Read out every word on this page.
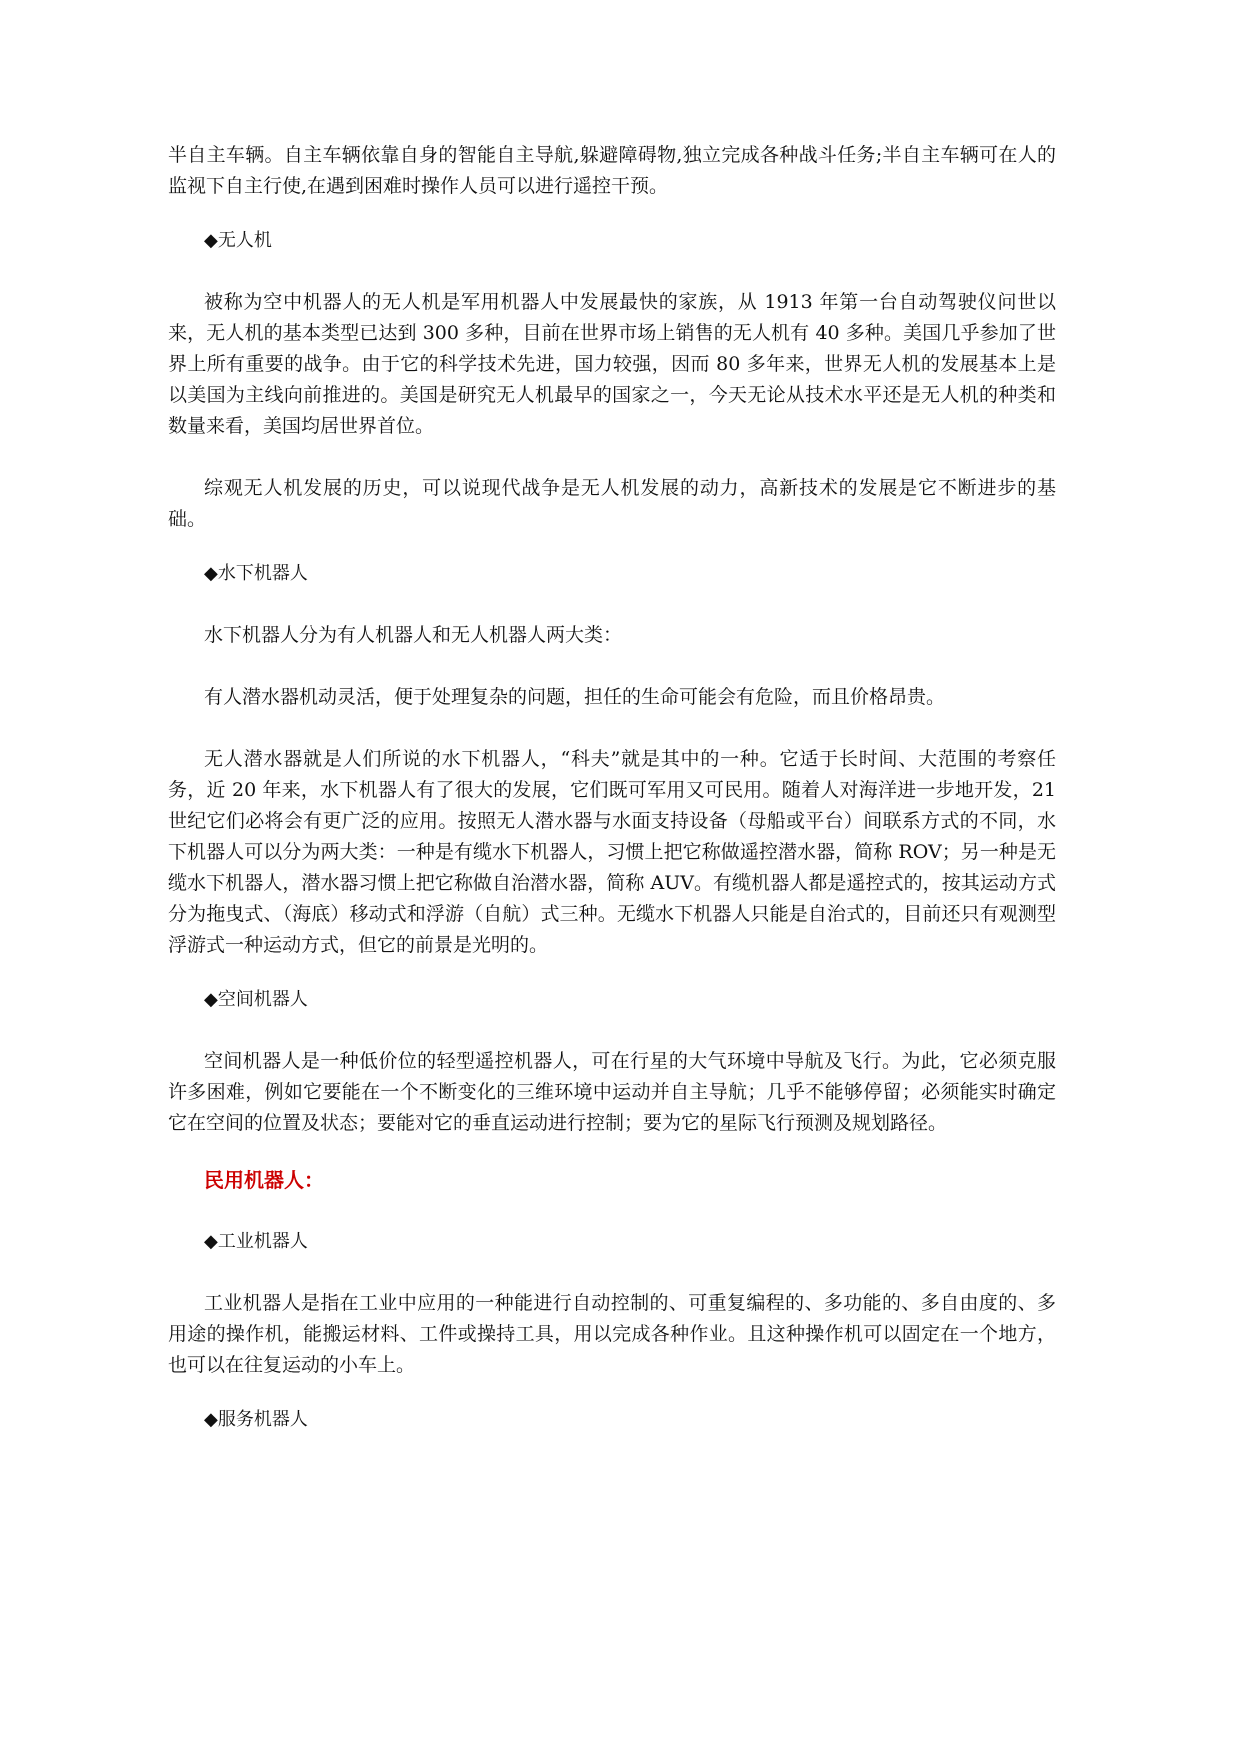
半自主车辆。自主车辆依靠自身的智能自主导航,躲避障碍物,独立完成各种战斗任务;半自主车辆可在人的监视下自主行使,在遇到困难时操作人员可以进行遥控干预。

◆无人机

被称为空中机器人的无人机是军用机器人中发展最快的家族，从 1913 年第一台自动驾驶仪问世以来，无人机的基本类型已达到 300 多种，目前在世界市场上销售的无人机有 40 多种。美国几乎参加了世界上所有重要的战争。由于它的科学技术先进，国力较强，因而 80 多年来，世界无人机的发展基本上是以美国为主线向前推进的。美国是研究无人机最早的国家之一，今天无论从技术水平还是无人机的种类和数量来看，美国均居世界首位。

综观无人机发展的历史，可以说现代战争是无人机发展的动力，高新技术的发展是它不断进步的基础。

◆水下机器人

水下机器人分为有人机器人和无人机器人两大类：

有人潜水器机动灵活，便于处理复杂的问题，担任的生命可能会有危险，而且价格昂贵。

无人潜水器就是人们所说的水下机器人，“科夫”就是其中的一种。它适于长时间、大范围的考察任务，近 20 年来，水下机器人有了很大的发展，它们既可军用又可民用。随着人对海洋进一步地开发，21 世纪它们必将会有更广泛的应用。按照无人潜水器与水面支持设备（母船或平台）间联系方式的不同，水下机器人可以分为两大类：一种是有缆水下机器人，习惯上把它称做遥控潜水器，简称 ROV；另一种是无缆水下机器人，潜水器习惯上把它称做自治潜水器，简称 AUV。有缆机器人都是遥控式的，按其运动方式分为拖曳式、（海底）移动式和浮游（自航）式三种。无缆水下机器人只能是自治式的，目前还只有观测型浮游式一种运动方式，但它的前景是光明的。

◆空间机器人

空间机器人是一种低价位的轻型遥控机器人，可在行星的大气环境中导航及飞行。为此，它必须克服许多困难，例如它要能在一个不断变化的三维环境中运动并自主导航；几乎不能够停留；必须能实时确定它在空间的位置及状态；要能对它的垂直运动进行控制；要为它的星际飞行预测及规划路径。

民用机器人：
◆工业机器人

工业机器人是指在工业中应用的一种能进行自动控制的、可重复编程的、多功能的、多自由度的、多用途的操作机，能搬运材料、工件或操持工具，用以完成各种作业。且这种操作机可以固定在一个地方，也可以在往复运动的小车上。

◆服务机器人
